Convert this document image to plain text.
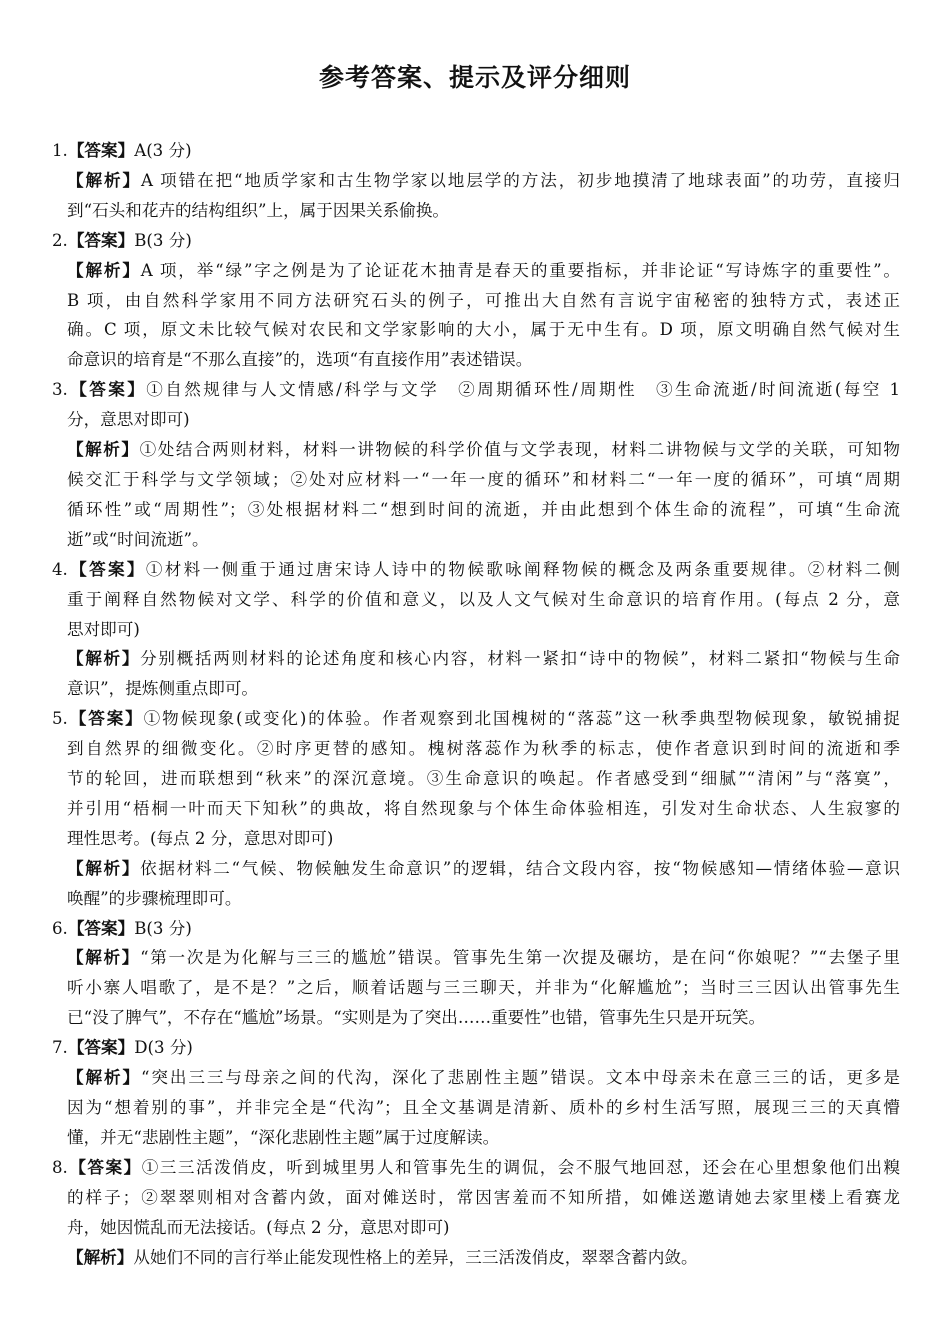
参考答案、提示及评分细则
1.【答案】A(3 分)
【解析】A 项错在把“地质学家和古生物学家以地层学的方法，初步地摸清了地球表面”的功劳，直接归
到“石头和花卉的结构组织”上，属于因果关系偷换。
2.【答案】B(3 分)
【解析】A 项，举“绿”字之例是为了论证花木抽青是春天的重要指标，并非论证“写诗炼字的重要性”。
B 项，由自然科学家用不同方法研究石头的例子，可推出大自然有言说宇宙秘密的独特方式，表述正
确。C 项，原文未比较气候对农民和文学家影响的大小，属于无中生有。D 项，原文明确自然气候对生
命意识的培育是“不那么直接”的，选项“有直接作用”表述错误。
3.【答案】①自然规律与人文情感/科学与文学　②周期循环性/周期性　③生命流逝/时间流逝(每空 1
分，意思对即可)
【解析】①处结合两则材料，材料一讲物候的科学价值与文学表现，材料二讲物候与文学的关联，可知物
候交汇于科学与文学领域；②处对应材料一“一年一度的循环”和材料二“一年一度的循环”，可填“周期
循环性”或“周期性”；③处根据材料二“想到时间的流逝，并由此想到个体生命的流程”，可填“生命流
逝”或“时间流逝”。
4.【答案】①材料一侧重于通过唐宋诗人诗中的物候歌咏阐释物候的概念及两条重要规律。②材料二侧
重于阐释自然物候对文学、科学的价值和意义，以及人文气候对生命意识的培育作用。(每点 2 分，意
思对即可)
【解析】分别概括两则材料的论述角度和核心内容，材料一紧扣“诗中的物候”，材料二紧扣“物候与生命
意识”，提炼侧重点即可。
5.【答案】①物候现象(或变化)的体验。作者观察到北国槐树的“落蕊”这一秋季典型物候现象，敏锐捕捉
到自然界的细微变化。②时序更替的感知。槐树落蕊作为秋季的标志，使作者意识到时间的流逝和季
节的轮回，进而联想到“秋来”的深沉意境。③生命意识的唤起。作者感受到“细腻”“清闲”与“落寞”，
并引用“梧桐一叶而天下知秋”的典故，将自然现象与个体生命体验相连，引发对生命状态、人生寂寥的
理性思考。(每点 2 分，意思对即可)
【解析】依据材料二“气候、物候触发生命意识”的逻辑，结合文段内容，按“物候感知—情绪体验—意识
唤醒”的步骤梳理即可。
6.【答案】B(3 分)
【解析】“第一次是为化解与三三的尴尬”错误。管事先生第一次提及碾坊，是在问“你娘呢？”“去堡子里
听小寨人唱歌了，是不是？”之后，顺着话题与三三聊天，并非为“化解尴尬”；当时三三因认出管事先生
已“没了脾气”，不存在“尴尬”场景。“实则是为了突出……重要性”也错，管事先生只是开玩笑。
7.【答案】D(3 分)
【解析】“突出三三与母亲之间的代沟，深化了悲剧性主题”错误。文本中母亲未在意三三的话，更多是
因为“想着别的事”，并非完全是“代沟”；且全文基调是清新、质朴的乡村生活写照，展现三三的天真懵
懂，并无“悲剧性主题”，“深化悲剧性主题”属于过度解读。
8.【答案】①三三活泼俏皮，听到城里男人和管事先生的调侃，会不服气地回怼，还会在心里想象他们出糗
的样子；②翠翠则相对含蓄内敛，面对傩送时，常因害羞而不知所措，如傩送邀请她去家里楼上看赛龙
舟，她因慌乱而无法接话。(每点 2 分，意思对即可)
【解析】从她们不同的言行举止能发现性格上的差异，三三活泼俏皮，翠翠含蓄内敛。
